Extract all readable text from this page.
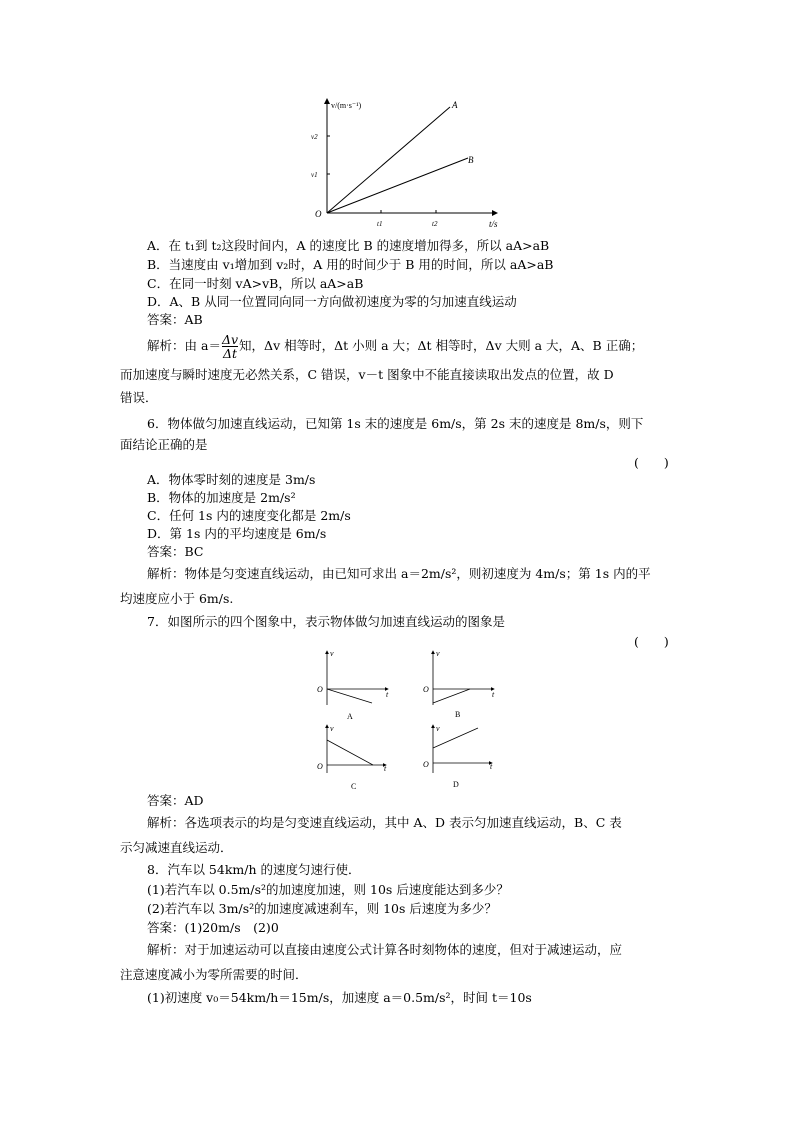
v/(m·s⁻¹)
t/s
O
v2
v1
t1	t2
A
B
A．在 t₁到 t₂这段时间内，A 的速度比 B 的速度增加得多，所以 aA>aB
B．当速度由 v₁增加到 v₂时，A 用的时间少于 B 用的时间，所以 aA>aB
C．在同一时刻 vA>vB，所以 aA>aB
D．A、B 从同一位置同向同一方向做初速度为零的匀加速直线运动
答案：AB
解析：由 $a= \frac{\Delta v}{\Delta t}$ 知，Δv 相等时，Δt 小则 a 大；Δt 相等时，Δv 大则 a 大，A、B 正确；
而加速度与瞬时速度无必然关系，C 错误，v－t 图象中不能直接读取出发点的位置，故 D
错误．
6．物体做匀加速直线运动，已知第 1s 末的速度是 6m/s，第 2s 末的速度是 8m/s，则下
面结论正确的是
(　　)
A．物体零时刻的速度是 3m/s
B．物体的加速度是 2m/s²
C．任何 1s 内的速度变化都是 2m/s
D．第 1s 内的平均速度是 6m/s
答案：BC
解析：物体是匀变速直线运动，由已知可求出 a＝2m/s²，则初速度为 4m/s；第 1s 内的平
均速度应小于 6m/s.
7．如图所示的四个图象中，表示物体做匀加速直线运动的图象是
(　　)
v
O
t
A
v
O
t
B
v
O	t
C
v
O	t
D
答案：AD
解析：各选项表示的均是匀变速直线运动，其中 A、D 表示匀加速直线运动，B、C 表
示匀减速直线运动．
8．汽车以 54km/h 的速度匀速行使．
(1)若汽车以 0.5m/s²的加速度加速，则 10s 后速度能达到多少？
(2)若汽车以 3m/s²的加速度减速刹车，则 10s 后速度为多少？
答案：(1)20m/s　(2)0
解析：对于加速运动可以直接由速度公式计算各时刻物体的速度，但对于减速运动，应
注意速度减小为零所需要的时间．
(1)初速度 v₀＝54km/h＝15m/s，加速度 a＝0.5m/s²，时间 t＝10s
